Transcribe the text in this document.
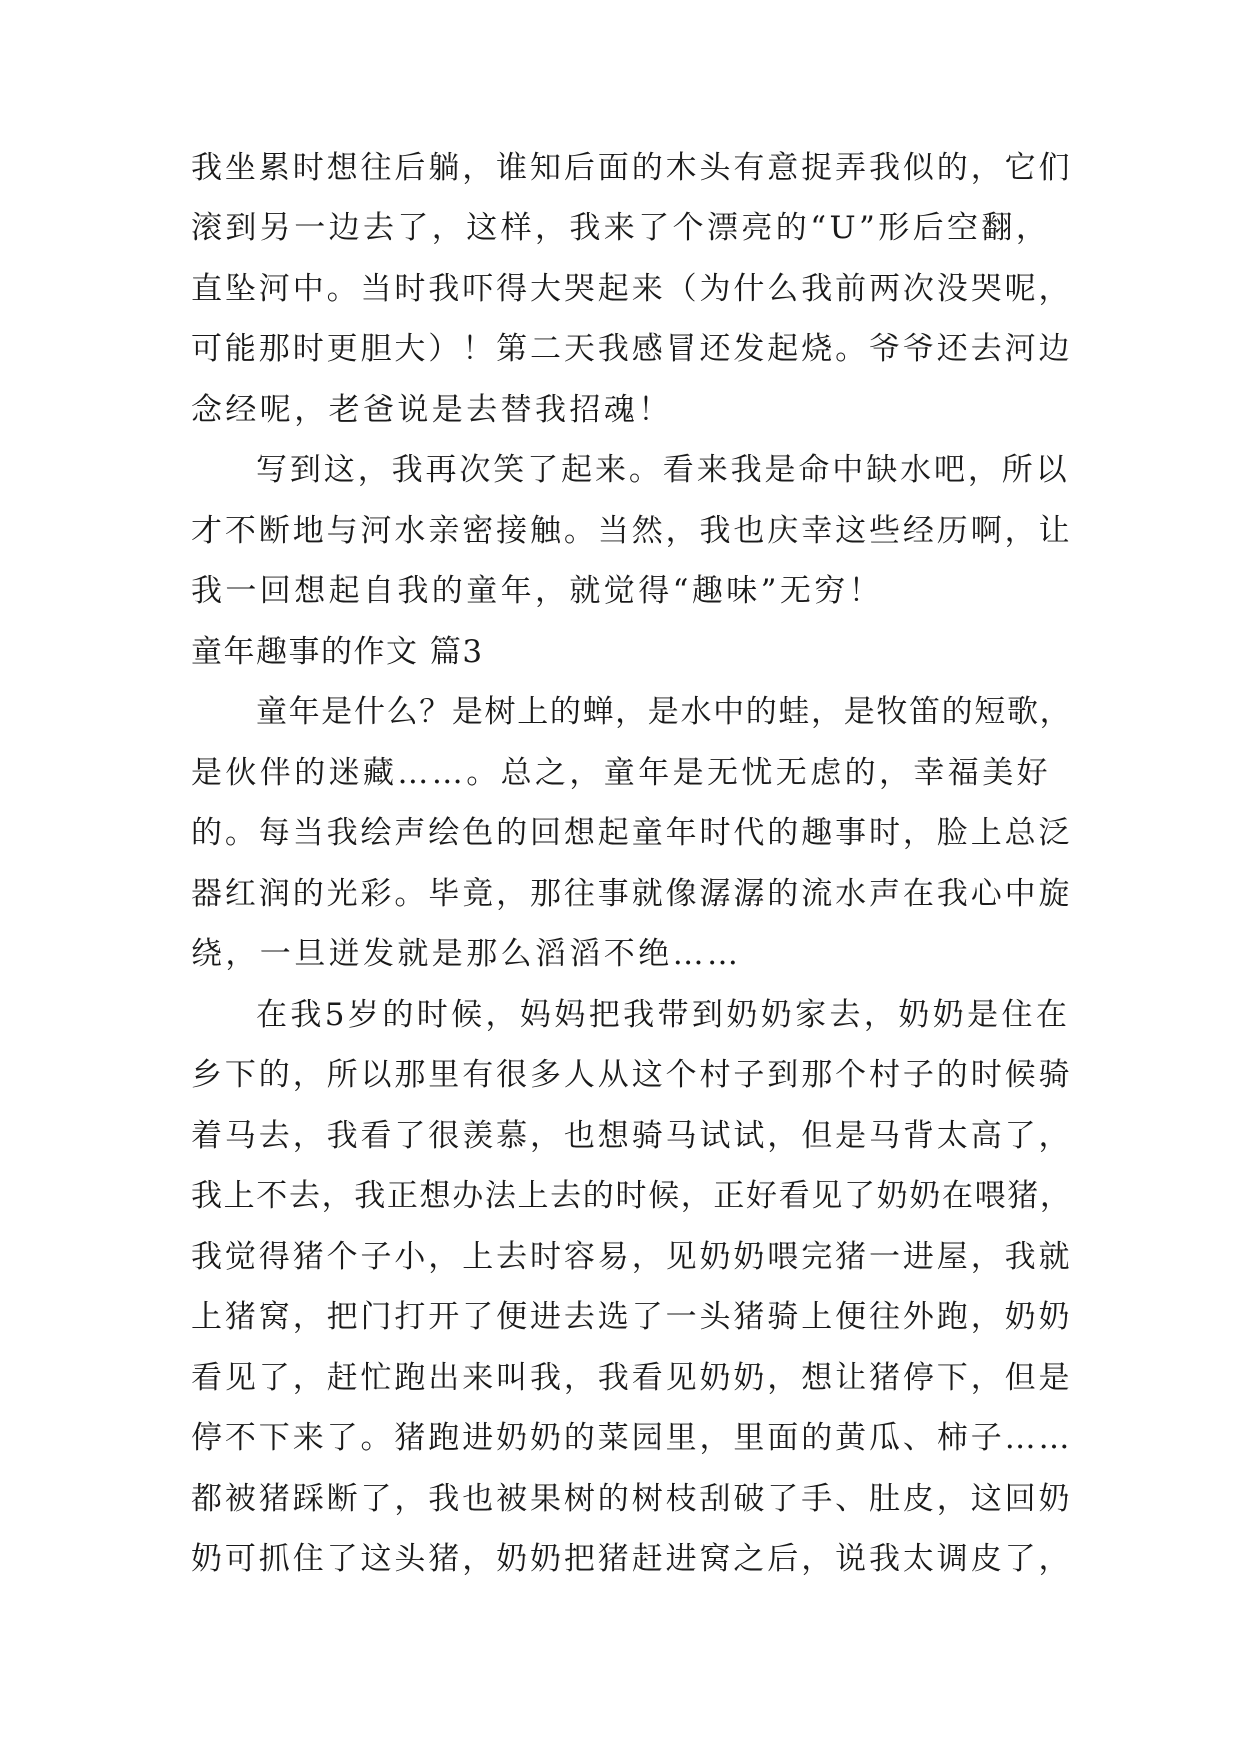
我坐累时想往后躺，谁知后面的木头有意捉弄我似的，它们
滚到另一边去了，这样，我来了个漂亮的“U”形后空翻，
直坠河中。当时我吓得大哭起来（为什么我前两次没哭呢，
可能那时更胆大）！第二天我感冒还发起烧。爷爷还去河边
念经呢，老爸说是去替我招魂！
写到这，我再次笑了起来。看来我是命中缺水吧，所以
才不断地与河水亲密接触。当然，我也庆幸这些经历啊，让
我一回想起自我的童年，就觉得“趣味”无穷！
童年趣事的作文 篇3
童年是什么？是树上的蝉，是水中的蛙，是牧笛的短歌，
是伙伴的迷藏……。总之，童年是无忧无虑的，幸福美好
的。每当我绘声绘色的回想起童年时代的趣事时，脸上总泛
器红润的光彩。毕竟，那往事就像潺潺的流水声在我心中旋
绕，一旦迸发就是那么滔滔不绝……
在我5岁的时候，妈妈把我带到奶奶家去，奶奶是住在
乡下的，所以那里有很多人从这个村子到那个村子的时候骑
着马去，我看了很羡慕，也想骑马试试，但是马背太高了，
我上不去，我正想办法上去的时候，正好看见了奶奶在喂猪，
我觉得猪个子小，上去时容易，见奶奶喂完猪一进屋，我就
上猪窝，把门打开了便进去选了一头猪骑上便往外跑，奶奶
看见了，赶忙跑出来叫我，我看见奶奶，想让猪停下，但是
停不下来了。猪跑进奶奶的菜园里，里面的黄瓜、柿子……
都被猪踩断了，我也被果树的树枝刮破了手、肚皮，这回奶
奶可抓住了这头猪，奶奶把猪赶进窝之后，说我太调皮了，
